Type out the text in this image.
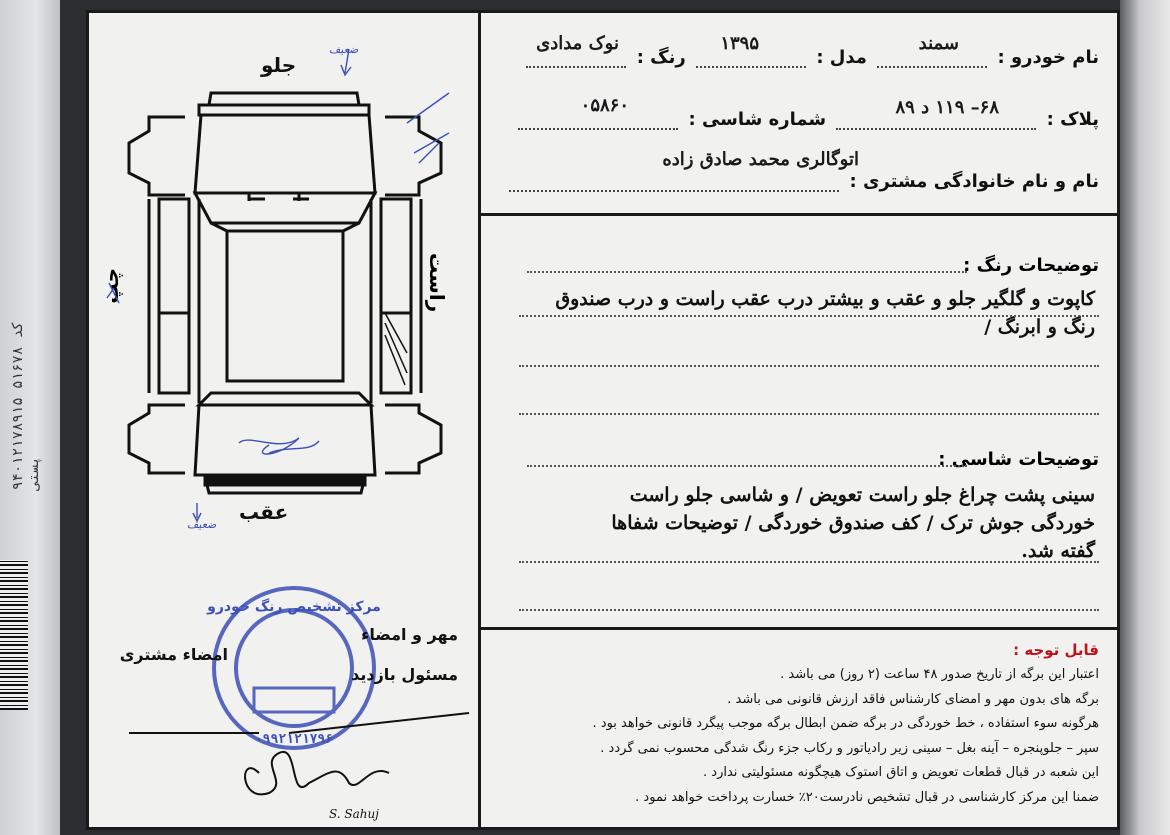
۹۴۰۱۲۱۷۸۹۱۵ ۵۱۶۷۸ کد پستی
جلو
عقب
راست
چپ
ضعیف
ضعیف
مرکز تشخیص رنگ خودرو
۰۹۹۲۱۲۱۷۹۶
مهر و امضاء
امضاء مشتری
مسئول بازدید
S. Sahuj
نام خودرو :
سمند
مدل :
۱۳۹۵
رنگ :
نوک مدادی
پلاک :
۶۸– ۱۱۹ د ۸۹
شماره شاسی :
۰۵۸۶۰
نام و نام خانوادگی مشتری :
اتوگالری محمد صادق زاده
توضیحات رنگ :
کاپوت و گلگیر جلو و عقب و بیشتر درب عقب راست و درب صندوق
رنگ و ابرنگ /
توضیحات شاسی :
سینی پشت چراغ جلو راست تعویض / و شاسی جلو راست
خوردگی جوش ترک / کف صندوق خوردگی / توضیحات شفاها
گفته شد.
قابل توجه :
اعتبار این برگه از تاریخ صدور ۴۸ ساعت (۲ روز) می باشد .
برگه های بدون مهر و امضای کارشناس فاقد ارزش قانونی می باشد .
هرگونه سوء استفاده ، خط خوردگی در برگه ضمن ابطال برگه موجب پیگرد قانونی خواهد بود .
سپر – جلوپنجره – آینه بغل – سینی زیر رادیاتور و رکاب جزء رنگ شدگی محسوب نمی گردد .
این شعبه در قبال قطعات تعویض و اتاق استوک هیچگونه مسئولیتی ندارد .
ضمنا این مرکز کارشناسی در قبال تشخیص نادرست۲۰٪ خسارت پرداخت خواهد نمود .
